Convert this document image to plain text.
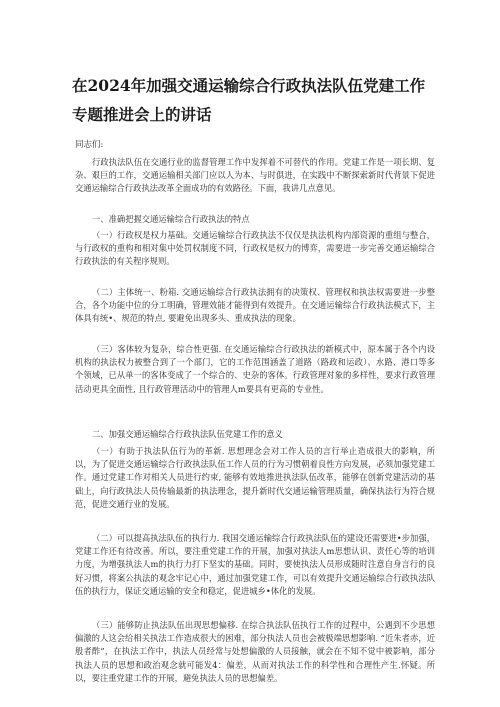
在2024年加强交通运输综合行政执法队伍党建工作
专题推进会上的讲话
同志们:

行政执法队伍在交通行业的监督管理工作中发挥着不可替代的作用。党建工作是一项长期、复杂、艰巨的工作，交通运输相关部门应以人为本、与时俱进，在实践中不断探索新时代背景下促进交通运输综合行政执法改革全面成功的有效路径。下面，我讲几点意见。

一、准确把握交通运输综合行政执法的特点

（一）行政权是权力基础。交通运输综合行政执法不仅仅是执法机构内部资源的重组与整合，与行政权的重构和相对集中处罚权制度不同，行政权是权力的博弈，需要进一步完善交通运输综合行政执法的有关程序规则。

（二）主体统一、粉箱. 交通运输综合行政执法拥有的决策权、管理权和执法权需要进一步整合，各个功能中位的分工明确，管理效能才能得到有效提升。在交通运输综合行政执法模式下，主体具有统•、规范的特点, 要避免出现多头、重成执法的现象。

（三）客体较为复杂，综合性更强. 在交通运输综合行政执法的新模式中，原本属于各个内设机构的执法权力被整合到了一个部门，它的工作范围涵盖了道路（路政和运政）、水路、港口等多个领域，已从单一的客体变成了一个综合的、史杂的客体。行政管理对象的多样性，要求行政管理活动更具全面性, 且行政管理活动中的管理人m要具有更高的专业性。

二、加强交通运输综合行政执法队伍党建工作的意义

（一）有助于执法队伍行为的革新. 思想理念会对工作人员的言行举止造成很大的影响，所以，为了促进交通运输综合行政执法队伍工作人员的行为习惯朝着良性方向发展，必须加强党建工作。通过党建工作对相关人员进行约束, 能够有效地推进执法队伍改革，能够在创新党建活动的基础上，向行政执法人员传输最新的执法理念，提升新时代交通运输管理质量，确保执法行为符合规范，促进交通行业的发展。

（二）可以提高执法队伍的执行力. 我国交通运输综合行政执法队伍的建设还需要进•步加强，党建工作还有待改善。所以，要注重党建工作的开展，加强对执法人m思想认识、责任心等的培训力度，为增强执法人m的执行力打下坚实的基础。同时，要使执法人员形成随时注意自身言行的良好习惯，将案公执法的观念牢记心中，通过加强党建工作，可以有效提升交通运输综合行政执法队伍的执行力，保证交通运输的安全和稳定，促进城乡•体化的发展。

（三）能够防止执法队伍出现思想偏移. 在综合执法队伍执行工作的过程中，公遇到不少思想偏激的人这会给相关执法工作造成很大的困难，部分执法人员也会被极端思想影响. “近朱者赤，近般者酢”，在执法工作中，执法人员经常与处想偏激的人员接触，就会在不知不觉中被影响，部分执法人员的思想和政治观念就可能发4：偏差，从而对执法工作的科学性和合理性产生.怀疑。所以，要注重党建工作的开展，避免执法人员的思想偏差。
